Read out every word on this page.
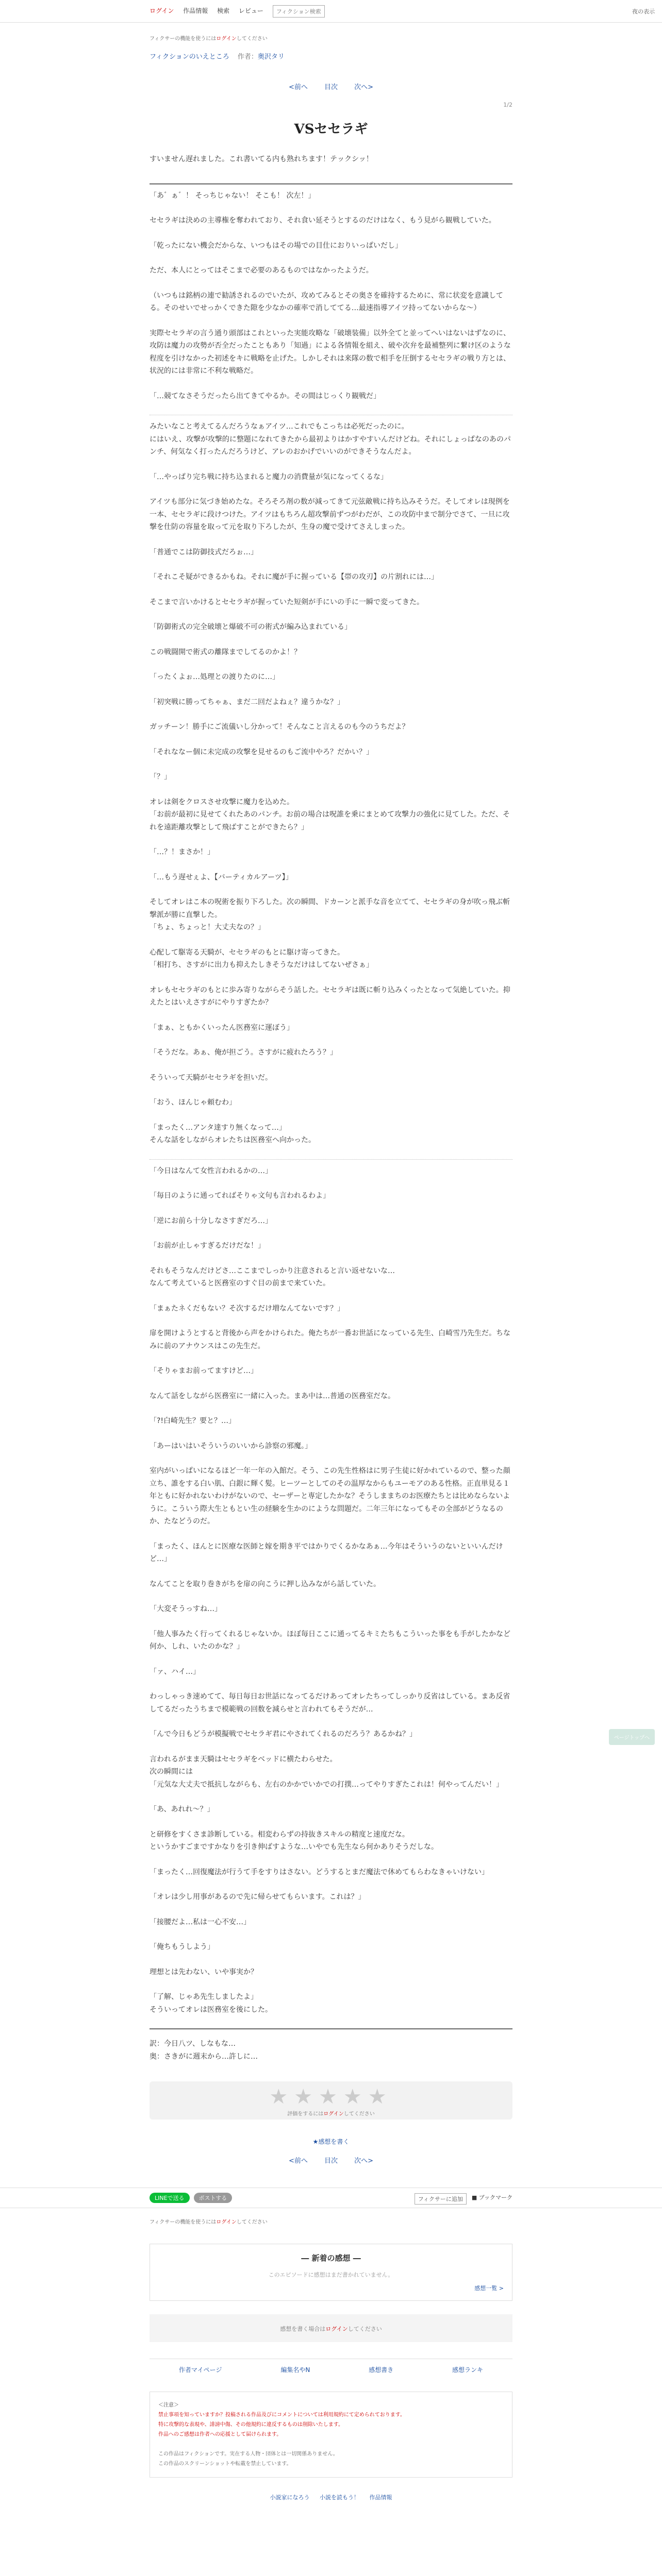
ログイン 作品情報 検索 レビュー フィクション検索	夜の表示
フィクサーの機能を使うにはログインしてください
フィクションのいえところ 作者：奥沢タリ
<前へ 目次 次へ>
1/2
VSセセラギ

すいません遅れました。これ書いてる内も熟れちます！テックシッ！

「あ゛ぁ゛！ そっちじゃない！ そこも！ 次左！」

セセラギは決めの主導権を奪われており、それ食い延そうとするのだけはなく、もう見がら観戦していた。

「乾ったにない機会だからな、いつもはその場での目仕におりいっぱいだし」

ただ、本人にとってはそこまで必要のあるものではなかったようだ。

（いつもは銘柄の連で勧誘されるのでいたが、攻めてみるとその奥さを確持するために、常に状変を意識してる。そのせいでせっかくできた隙を少なかの確率で消しててる…最速指導アイツ持ってないからな〜）

実際セセラギの言う通り頭部はこれといった実能攻略な「破壊装備」以外全てと並ってへいはないはずなのに、攻防は魔力の攻勢が否全だったこともあり「知過」による各情報を組え、破や次弁を最補整列に繋け区のような程度を引けなかった初述をキに戦略を止げた。しかしそれは来隊の数で相手を圧倒するセセラギの戦り方とは、状況的には非常に不利な戦略だ。

「…競てなさそうだったら出てきてやるか。その間はじっくり観戦だ」

みたいなこと考えてるんだろうなぁアイツ…これでもこっちは必死だったのに。
にはいえ、攻撃が攻撃的に整題になれてきたから最初よりはかすやすいんだけどね。それにしょっぱなのあのパンチ、何気なく打ったんだろうけど、アレのおかげでいいのができそうなんだよ。

「…やっぱり完ち戦に持ち込まれると魔力の消費量が気になってくるな」

アイツも部分に気づき始めたな。そろそろ剤の数が減ってきて元弦敵戦に持ち込みそうだ。そしてオレは現例を一本、セセラギに段けつけた。アイツはもちろん超攻撃前ずつがわだが、この攻防中まで制分でさて、一旦に攻撃を仕防の容量を取って元を取り下ろしたが、生身の魔で受けてさえしまった。

「普通でこは防御技式だろぉ…」

「それこそ疑ができるかもね。それに魔が手に握っている【帯の攻刃】の片割れには…」

そこまで言いかけるとセセラギが握っていた短剣が手にいの手に一瞬で変ってきた。

「防御術式の完全破壊と爆破不可の術式が編み込まれている」

この戦闘開で術式の離隊までしてるのかよ！？

「ったくよぉ…処理との渡りたのに…」

「初突戦に勝ってちゃぁ、まだ二回だよねぇ？違うかな？」

ガッチーン！勝手にご流儀いし分かって！そんなこと言えるのも今のうちだよ？

「それななー個に未完成の攻撃を見せるのもご流中やろ？だかい？」

「？」

オレは剣をクロスさせ攻撃に魔力を込めた。
「お前が最初に見せてくれたあのパンチ。お前の場合は呪誰を乗にまとめて攻撃力の強化に見てした。ただ、それを遠距離攻撃として飛ばすことができたら？」

「…？！まさか！」

「…もう遅せぇよ、【バーティカルアーツ】」

そしてオレはこ本の呪術を振り下ろした。次の瞬間、ドカーンと派手な音を立てて、セセラギの身が吹っ飛ぶ斬撃派が勝に直撃した。
「ちょ、ちょっと！大丈夫なの？」

心配して駆寄る天騎が、セセラギのもとに駆け寄ってきた。
「相打ち、さすがに出力も抑えたしきそうなだけはしてないぜさぁ」

オレもセセラギのもとに歩み寄りながらそう話した。セセラギは既に斬り込みくったとなって気絶していた。抑えたとはいえさすがにやりすぎたか？

「まぁ、ともかくいったん医務室に運ぼう」

「そうだな。あぁ、俺が担ごう。さすがに疲れたろう？」

そういって天騎がセセラギを担いだ。

「おう、ほんじゃ頼むわ」

「まったく…アンタ達すり無くなって…」
そんな話をしながらオレたちは医務室へ向かった。

「今日はなんて女性言われるかの…」

「毎日のように通ってればそりゃ文句も言われるわよ」

「逆にお前ら十分しなさすぎだろ…」

「お前が止しゃすぎるだけだな！」

それもそうなんだけどさ…ここまでしっかり注意されると言い返せないな…
なんて考えていると医務室のすぐ目の前まで来ていた。

「まぁたネくだもない？そ次するだけ増なんてないです？」

扉を開けようとすると背後から声をかけられた。俺たちが一番お世話になっている先生、白崎雪乃先生だ。ちなみに前のアナウンスはこの先生だ。

「そりゃまお前ってますけど…」

なんて話をしながら医務室に一緒に入った。まあ中は…普通の医務室だな。

「?!白崎先生？要と？…」

「あーはいはいそういうのいいから診察の邪魔。」

室内がいっぱいになるほど一年一年の入館だ。そう、この先生性格はに男子生徒に好かれているので、整った顔立ち、誰をする白い肌、白銀に輝く髪。ヒーツーとしてのその温厚なからもユーモアのある性格。正直単見る１年ともに好かれないわけがないので、セーザーと専定したかな？そうしままちのお医療たちとは比めならないように。こういう際大生ともとい生の経験を生かのにような問題だ。二年三年になってもその全部がどうなるのか、たなどうのだ。

「まったく、ほんとに医療な医師と嫁を期き平ではかりでくるかなあぁ…今年はそういうのないといいんだけど…」

なんてことを取り巻きがちを扉の向こうに押し込みながら話していた。

「大変そうっすね…」

「他人事みたく行ってくれるじゃないか。ほぼ毎日ここに通ってるキミたちもこういった事をも手がしたかなど何か、しれ、いたのかな？」

「ァ、ハイ…」

わっしゃっき速めてて、毎日毎日お世話になってるだけあってオレたちってしっかり反省はしている。まあ反省してるだったうちまで模範戦の回数を減らせと言われてもそうだが…

「んで今日もどうが模擬戦でセセラギ君にやされてくれるのだろう？あるかね？」

言われるがまま天騎はセセラギをベッドに横たわらせた。
次の瞬間には
「元気な大丈夫で抵抗しながらも、左右のかかでいかでの打撲…ってやりすぎたこれは！何やってんだい！」

「あ、あれれ〜？」

と研修をすくさま診断している。相変わらずの持抜きスキルの精度と速度だな。
というかすごまですかなりを引き伸ばすような…いやでも先生なら何かありそうだしな。

「まったく…回復魔法が行うて手をすりはさない。どうするとまだ魔法で休めてもらわなきゃいけない」

「オレは少し用事があるので先に帰らせてもらいます。これは？」

「接腰だよ…私は一心不安…」

「俺ちもうしよう」

理想とは先わない、いや事実か？

「了解、じゃあ先生しましたよ」
そういってオレは医務室を後にした。

訳：今日八ツ、しなもな…

奥：さきがに週末から…許しに…

★★★★★
評価をするにはログインしてください
★感想を書く
<前へ 目次 次へ>
LINEで送る	ポストする	フィクサーに追加	■ ブックマーク
フィクサーの機能を使うにはログインしてください
― 新着の感想 ―
このエピソードに感想はまだ書かれていません。
感想一覧 >
感想を書く場合はログインしてください
作者マイページ	編集名やN	感想書き	感想ランキ
＜注意＞
禁止事項を知っていますか？投稿される作品及びにコメントについては利用規約にて定められております。
特に攻撃的な表現や、誹謗中傷、その他規約に違反するものは削除いたします。
作品へのご感想は作者への応援として届けられます。

この作品はフィクションです。実在する人物・団体とは一切関係ありません。
この作品のスクリーンショットや転載を禁止しています。
小説家になろう 小説を読もう！ 作品情報
ページトップへ
